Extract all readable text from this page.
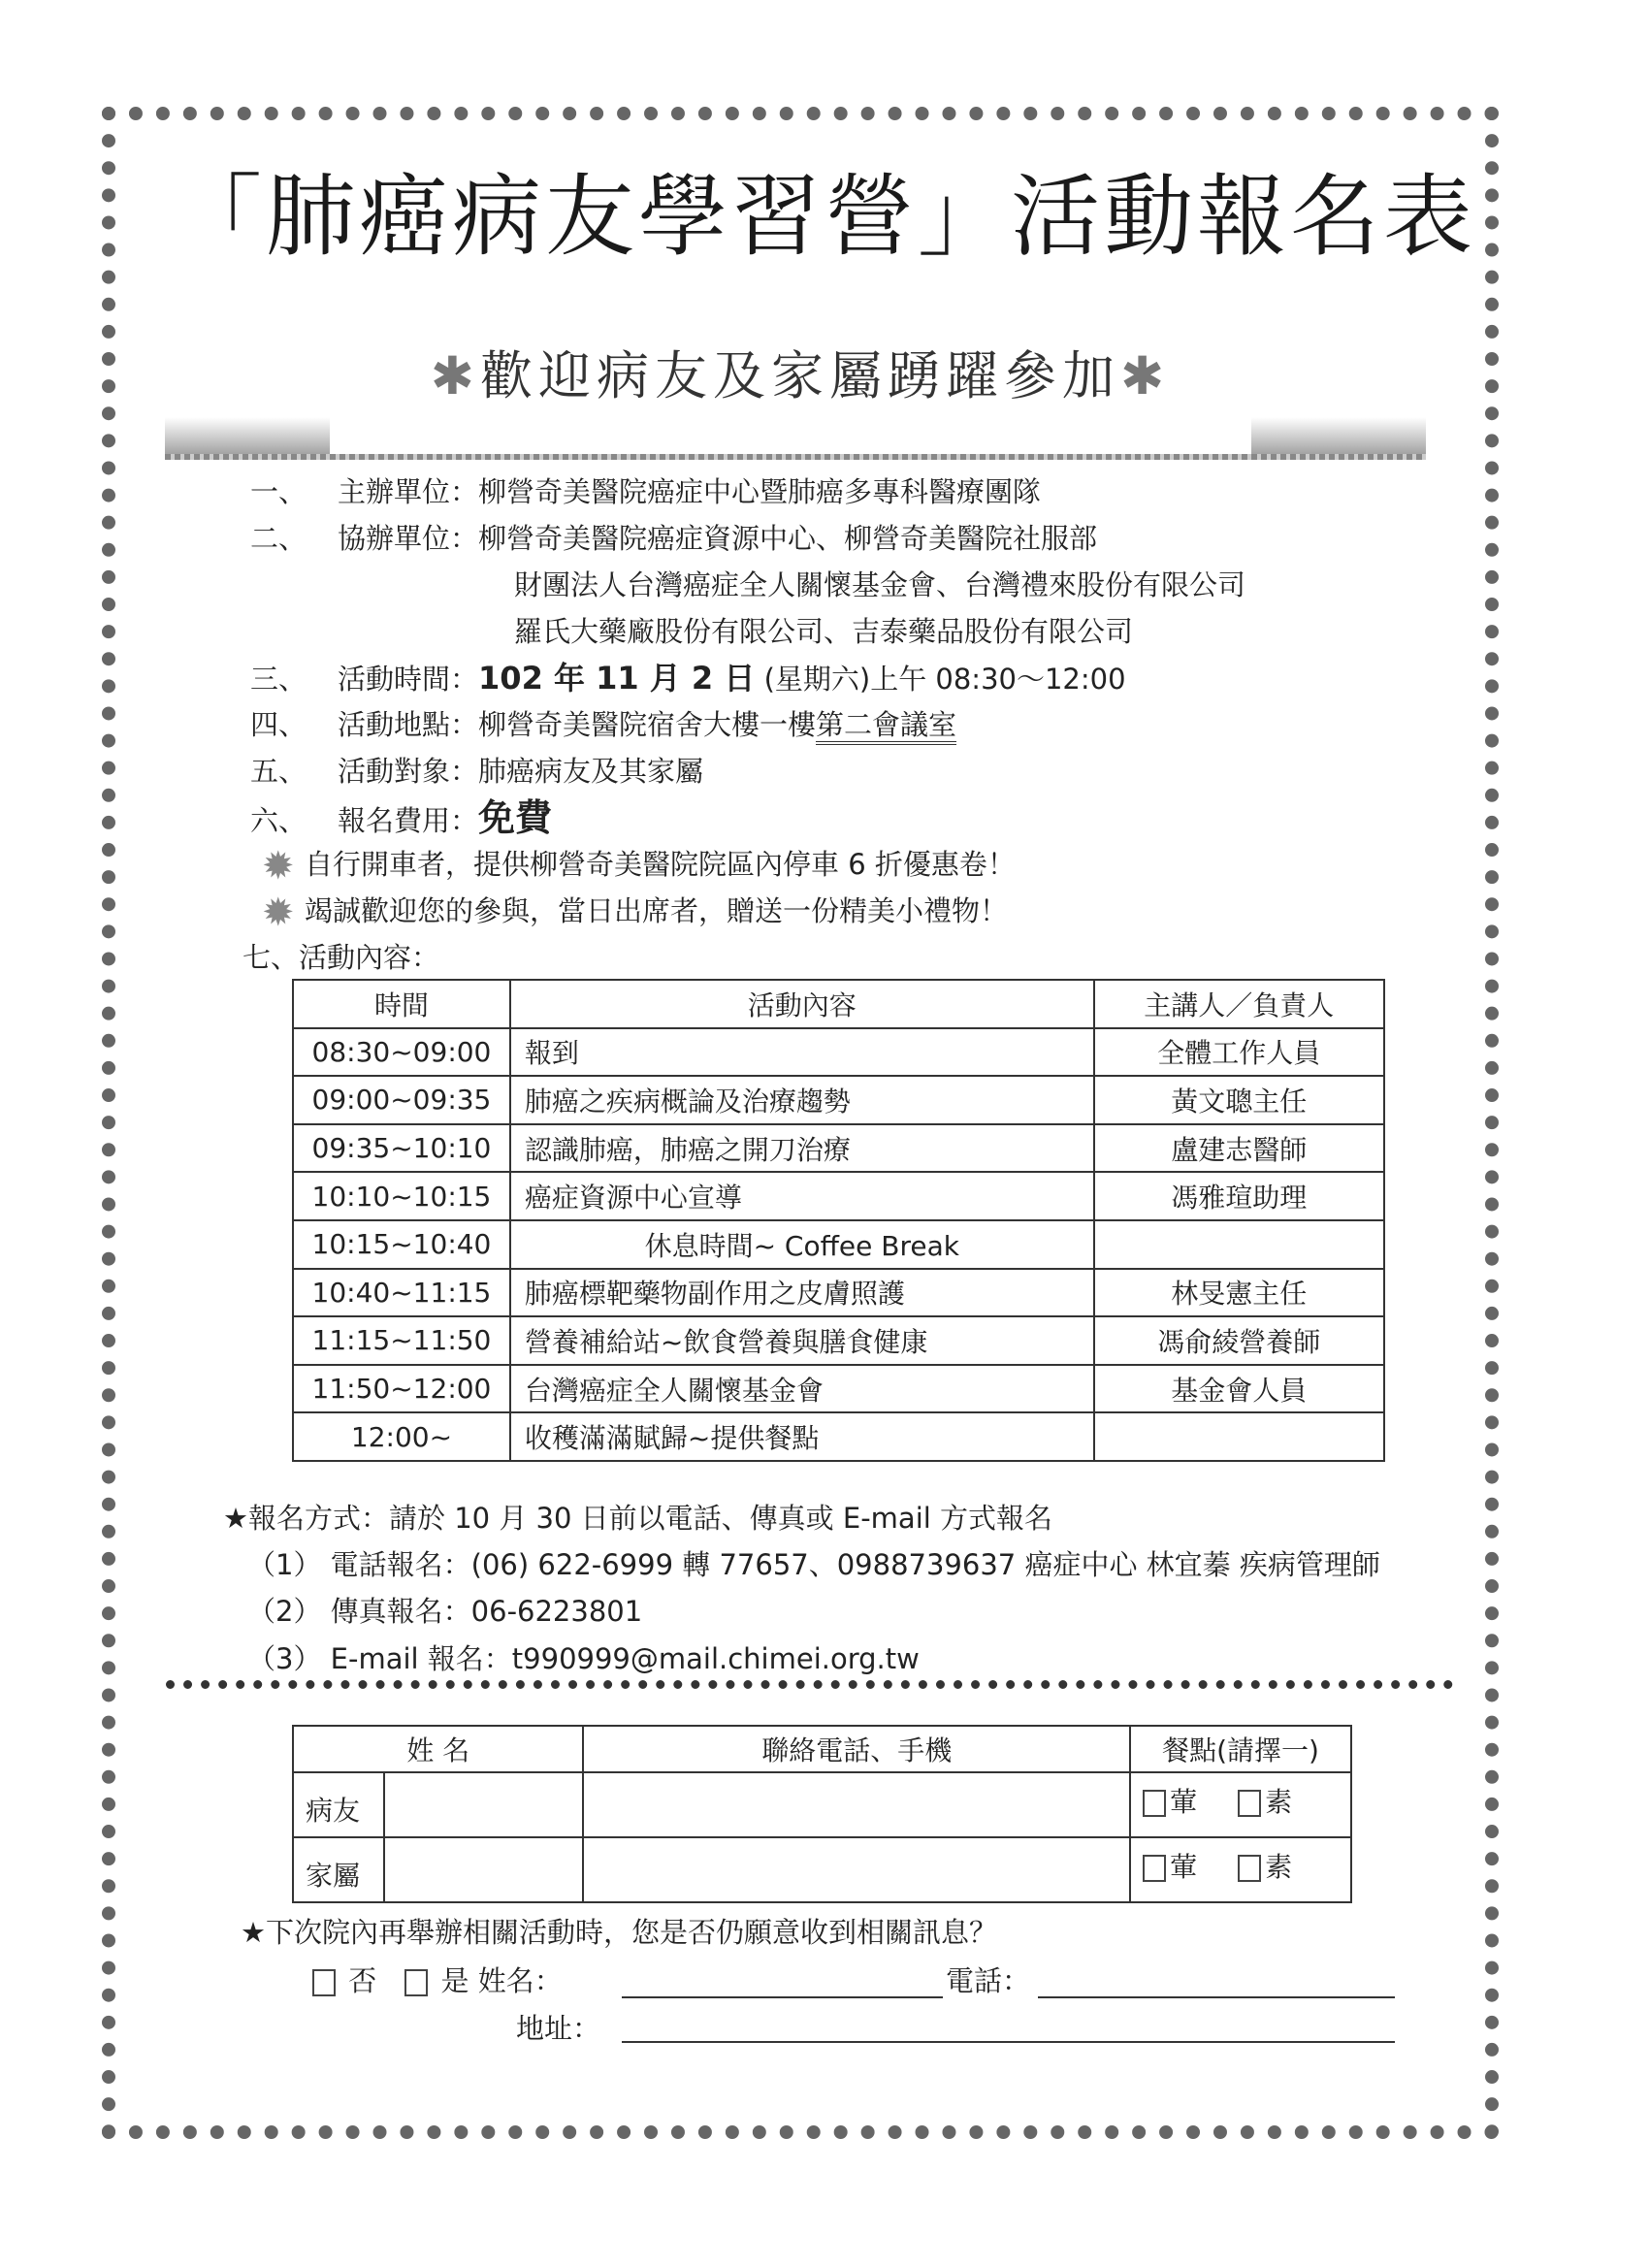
「肺癌病友學習營」活動報名表
✱歡迎病友及家屬踴躍參加✱
一、 主辦單位：柳營奇美醫院癌症中心暨肺癌多專科醫療團隊
二、 協辦單位：柳營奇美醫院癌症資源中心、柳營奇美醫院社服部
財團法人台灣癌症全人關懷基金會、台灣禮來股份有限公司
羅氏大藥廠股份有限公司、吉泰藥品股份有限公司
三、 活動時間：102 年 11 月 2 日 (星期六)上午 08:30～12:00
四、 活動地點：柳營奇美醫院宿舍大樓一樓第二會議室
五、 活動對象：肺癌病友及其家屬
六、 報名費用：免費
✹ 自行開車者，提供柳營奇美醫院院區內停車 6 折優惠卷！
✹ 竭誠歡迎您的參與，當日出席者，贈送一份精美小禮物！
七、活動內容：
時間	活動內容	主講人／負責人
08:30~09:00	報到	全體工作人員
09:00~09:35	肺癌之疾病概論及治療趨勢	黃文聰主任
09:35~10:10	認識肺癌，肺癌之開刀治療	盧建志醫師
10:10~10:15	癌症資源中心宣導	馮雅瑄助理
10:15~10:40	休息時間~ Coffee Break	
10:40~11:15	肺癌標靶藥物副作用之皮膚照護	林旻憲主任
11:15~11:50	營養補給站~飲食營養與膳食健康	馮俞綾營養師
11:50~12:00	台灣癌症全人關懷基金會	基金會人員
12:00~	收穫滿滿賦歸~提供餐點	
★報名方式：請於 10 月 30 日前以電話、傳真或 E-mail 方式報名
（1） 電話報名：(06) 622-6999 轉 77657、0988739637 癌症中心 林宜蓁 疾病管理師
（2） 傳真報名：06-6223801
（3） E-mail 報名：t990999@mail.chimei.org.tw
姓 名		聯絡電話、手機	餐點(請擇一)
病友			葷   素
家屬			葷   素
★下次院內再舉辦相關活動時，您是否仍願意收到相關訊息？
否  是 姓名：	電話：
地址：
